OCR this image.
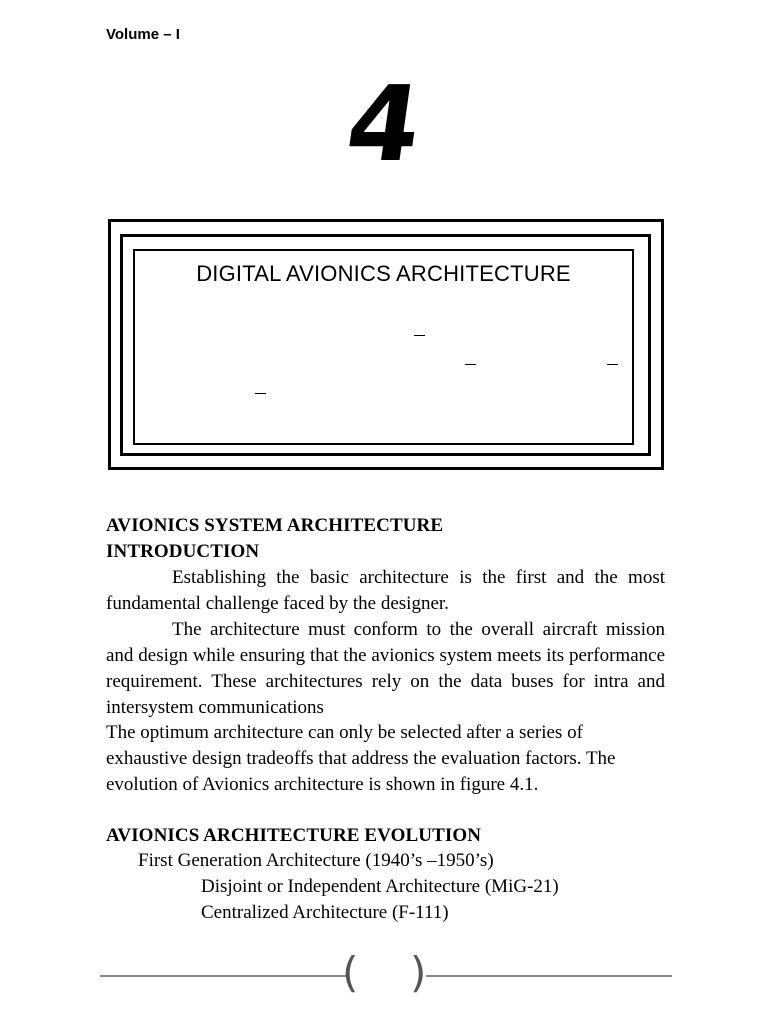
Volume – I
4
DIGITAL AVIONICS ARCHITECTURE
AVIONICS SYSTEM ARCHITECTURE
INTRODUCTION

Establishing the basic architecture is the first and the most fundamental challenge faced by the designer.

The architecture must conform to the overall aircraft mission and design while ensuring that the avionics system meets its performance requirement. These architectures rely on the data buses for intra and intersystem communications

The optimum architecture can only be selected after a series of exhaustive design tradeoffs that address the evaluation factors. The evolution of Avionics architecture is shown in figure 4.1.

AVIONICS ARCHITECTURE EVOLUTION
First Generation Architecture (1940’s –1950’s)
Disjoint or Independent Architecture (MiG-21)
Centralized Architecture (F-111)
( )
